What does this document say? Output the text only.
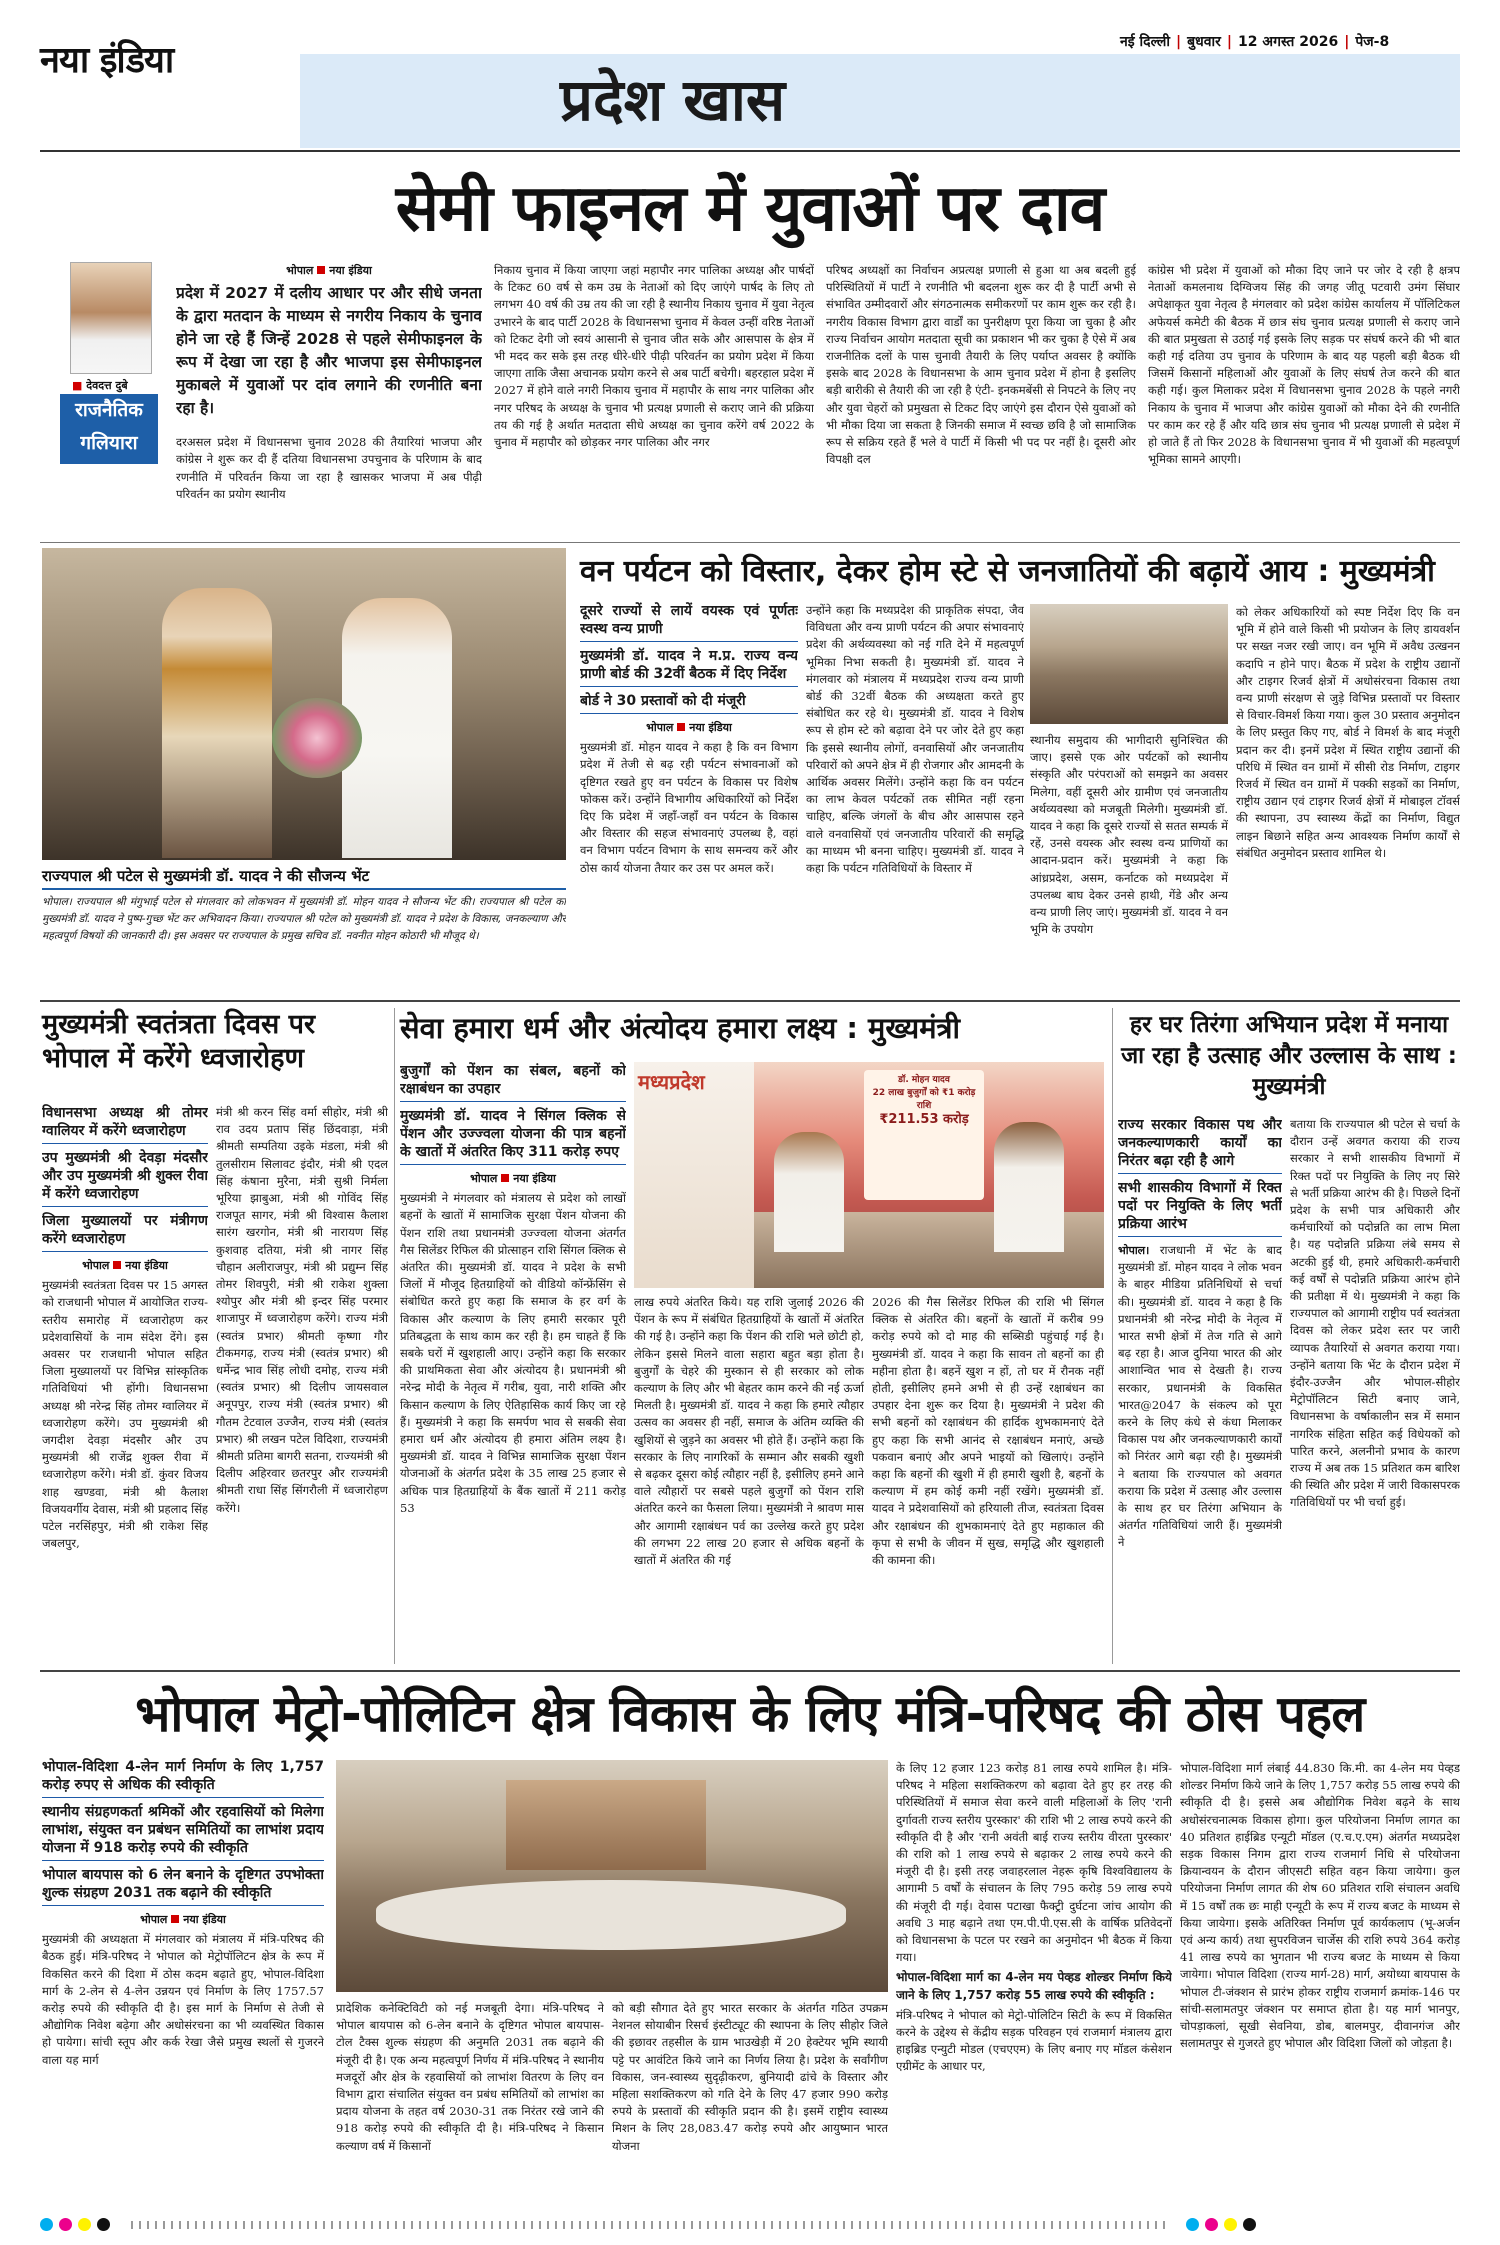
नया इंडिया
प्रदेश खास
नई दिल्ली | बुधवार | 12 अगस्त 2026 | पेज-8
सेमी फाइनल में युवाओं पर दाव
■ देवदत्त दुबे
राजनैतिक गलियारा
भोपाल नया इंडिया
प्रदेश में 2027 में दलीय आधार पर और सीधे जनता के द्वारा मतदान के माध्यम से नगरीय निकाय के चुनाव होने जा रहे हैं जिन्हें 2028 से पहले सेमीफाइनल के रूप में देखा जा रहा है और भाजपा इस सेमीफाइनल मुकाबले में युवाओं पर दांव लगाने की रणनीति बना रहा है।
दरअसल प्रदेश में विधानसभा चुनाव 2028 की तैयारियां भाजपा और कांग्रेस ने शुरू कर दी हैं दतिया विधानसभा उपचुनाव के परिणाम के बाद रणनीति में परिवर्तन किया जा रहा है खासकर भाजपा में अब पीढ़ी परिवर्तन का प्रयोग स्थानीय
निकाय चुनाव में किया जाएगा जहां महापौर नगर पालिका अध्यक्ष और पार्षदों के टिकट 60 वर्ष से कम उम्र के नेताओं को दिए जाएंगे पार्षद के लिए तो लगभग 40 वर्ष की उम्र तय की जा रही है स्थानीय निकाय चुनाव में युवा नेतृत्व उभारने के बाद पार्टी 2028 के विधानसभा चुनाव में केवल उन्हीं वरिष्ठ नेताओं को टिकट देगी जो स्वयं आसानी से चुनाव जीत सके और आसपास के क्षेत्र में भी मदद कर सके इस तरह धीरे-धीरे पीढ़ी परिवर्तन का प्रयोग प्रदेश में किया जाएगा ताकि जैसा अचानक प्रयोग करने से अब पार्टी बचेगी। बहरहाल प्रदेश में 2027 में होने वाले नगरी निकाय चुनाव में महापौर के साथ नगर पालिका और नगर परिषद के अध्यक्ष के चुनाव भी प्रत्यक्ष प्रणाली से कराए जाने की प्रक्रिया तय की गई है अर्थात मतदाता सीधे अध्यक्ष का चुनाव करेंगे वर्ष 2022 के चुनाव में महापौर को छोड़कर नगर पालिका और नगर
परिषद अध्यक्षों का निर्वाचन अप्रत्यक्ष प्रणाली से हुआ था अब बदली हुई परिस्थितियों में पार्टी ने रणनीति भी बदलना शुरू कर दी है पार्टी अभी से संभावित उम्मीदवारों और संगठनात्मक समीकरणों पर काम शुरू कर रही है। नगरीय विकास विभाग द्वारा वार्डों का पुनरीक्षण पूरा किया जा चुका है और राज्य निर्वाचन आयोग मतदाता सूची का प्रकाशन भी कर चुका है ऐसे में अब राजनीतिक दलों के पास चुनावी तैयारी के लिए पर्याप्त अवसर है क्योंकि इसके बाद 2028 के विधानसभा के आम चुनाव प्रदेश में होना है इसलिए बड़ी बारीकी से तैयारी की जा रही है एंटी- इनकमबेंसी से निपटने के लिए नए और युवा चेहरों को प्रमुखता से टिकट दिए जाएंगे इस दौरान ऐसे युवाओं को भी मौका दिया जा सकता है जिनकी समाज में स्वच्छ छवि है जो सामाजिक रूप से सक्रिय रहते हैं भले वे पार्टी में किसी भी पद पर नहीं है। दूसरी ओर विपक्षी दल
कांग्रेस भी प्रदेश में युवाओं को मौका दिए जाने पर जोर दे रही है क्षत्रप नेताओं कमलनाथ दिग्विजय सिंह की जगह जीतू पटवारी उमंग सिंघार अपेक्षाकृत युवा नेतृत्व है मंगलवार को प्रदेश कांग्रेस कार्यालय में पॉलिटिकल अफेयर्स कमेटी की बैठक में छात्र संघ चुनाव प्रत्यक्ष प्रणाली से कराए जाने की बात प्रमुखता से उठाई गई इसके लिए सड़क पर संघर्ष करने की भी बात कही गई दतिया उप चुनाव के परिणाम के बाद यह पहली बड़ी बैठक थी जिसमें किसानों महिलाओं और युवाओं के लिए संघर्ष तेज करने की बात कही गई। कुल मिलाकर प्रदेश में विधानसभा चुनाव 2028 के पहले नगरी निकाय के चुनाव में भाजपा और कांग्रेस युवाओं को मौका देने की रणनीति पर काम कर रहे हैं और यदि छात्र संघ चुनाव भी प्रत्यक्ष प्रणाली से प्रदेश में हो जाते हैं तो फिर 2028 के विधानसभा चुनाव में भी युवाओं की महत्वपूर्ण भूमिका सामने आएगी।
राज्यपाल श्री पटेल से मुख्यमंत्री डॉ. यादव ने की सौजन्य भेंट
भोपाल। राज्यपाल श्री मंगुभाई पटेल से मंगलवार को लोकभवन में मुख्यमंत्री डॉ. मोहन यादव ने सौजन्य भेंट की। राज्यपाल श्री पटेल का मुख्यमंत्री डॉ. यादव ने पुष्प-गुच्छ भेंट कर अभिवादन किया। राज्यपाल श्री पटेल को मुख्यमंत्री डॉ. यादव ने प्रदेश के विकास, जनकल्याण और महत्वपूर्ण विषयों की जानकारी दी। इस अवसर पर राज्यपाल के प्रमुख सचिव डॉ. नवनीत मोहन कोठारी भी मौजूद थे।
वन पर्यटन को विस्तार, देकर होम स्टे से जनजातियों की बढ़ायें आय : मुख्यमंत्री
दूसरे राज्यों से लायें वयस्क एवं पूर्णतः स्वस्थ वन्य प्राणी
मुख्यमंत्री डॉ. यादव ने म.प्र. राज्य वन्य प्राणी बोर्ड की 32वीं बैठक में दिए निर्देश
बोर्ड ने 30 प्रस्तावों को दी मंजूरी
भोपाल नया इंडिया
मुख्यमंत्री डॉ. मोहन यादव ने कहा है कि वन विभाग प्रदेश में तेजी से बढ़ रही पर्यटन संभावनाओं को दृष्टिगत रखते हुए वन पर्यटन के विकास पर विशेष फोकस करें। उन्होंने विभागीय अधिकारियों को निर्देश दिए कि प्रदेश में जहाँ-जहाँ वन पर्यटन के विकास और विस्तार की सहज संभावनाएं उपलब्ध है, वहां वन विभाग पर्यटन विभाग के साथ समन्वय करें और ठोस कार्य योजना तैयार कर उस पर अमल करें।
उन्होंने कहा कि मध्यप्रदेश की प्राकृतिक संपदा, जैव विविधता और वन्य प्राणी पर्यटन की अपार संभावनाएं प्रदेश की अर्थव्यवस्था को नई गति देने में महत्वपूर्ण भूमिका निभा सकती है। मुख्यमंत्री डॉ. यादव ने मंगलवार को मंत्रालय में मध्यप्रदेश राज्य वन्य प्राणी बोर्ड की 32वीं बैठक की अध्यक्षता करते हुए संबोधित कर रहे थे। मुख्यमंत्री डॉ. यादव ने विशेष रूप से होम स्टे को बढ़ावा देने पर जोर देते हुए कहा कि इससे स्थानीय लोगों, वनवासियों और जनजातीय परिवारों को अपने क्षेत्र में ही रोजगार और आमदनी के आर्थिक अवसर मिलेंगे। उन्होंने कहा कि वन पर्यटन का लाभ केवल पर्यटकों तक सीमित नहीं रहना चाहिए, बल्कि जंगलों के बीच और आसपास रहने वाले वनवासियों एवं जनजातीय परिवारों की समृद्धि का माध्यम भी बनना चाहिए। मुख्यमंत्री डॉ. यादव ने कहा कि पर्यटन गतिविधियों के विस्तार में
स्थानीय समुदाय की भागीदारी सुनिश्चित की जाए। इससे एक ओर पर्यटकों को स्थानीय संस्कृति और परंपराओं को समझने का अवसर मिलेगा, वहीं दूसरी ओर ग्रामीण एवं जनजातीय अर्थव्यवस्था को मजबूती मिलेगी। मुख्यमंत्री डॉ. यादव ने कहा कि दूसरे राज्यों से सतत सम्पर्क में रहें, उनसे वयस्क और स्वस्थ वन्य प्राणियों का आदान-प्रदान करें। मुख्यमंत्री ने कहा कि आंध्रप्रदेश, असम, कर्नाटक को मध्यप्रदेश में उपलब्ध बाघ देकर उनसे हाथी, गेंडे और अन्य वन्य प्राणी लिए जाएं। मुख्यमंत्री डॉ. यादव ने वन भूमि के उपयोग
को लेकर अधिकारियों को स्पष्ट निर्देश दिए कि वन भूमि में होने वाले किसी भी प्रयोजन के लिए डायवर्शन पर सख्त नजर रखी जाए। वन भूमि में अवैध उत्खनन कदापि न होने पाए। बैठक में प्रदेश के राष्ट्रीय उद्यानों और टाइगर रिजर्व क्षेत्रों में अधोसंरचना विकास तथा वन्य प्राणी संरक्षण से जुड़े विभिन्न प्रस्तावों पर विस्तार से विचार-विमर्श किया गया। कुल 30 प्रस्ताव अनुमोदन के लिए प्रस्तुत किए गए, बोर्ड ने विमर्श के बाद मंजूरी प्रदान कर दी। इनमें प्रदेश में स्थित राष्ट्रीय उद्यानों की परिधि में स्थित वन ग्रामों में सीसी रोड निर्माण, टाइगर रिजर्व में स्थित वन ग्रामों में पक्की सड़कों का निर्माण, राष्ट्रीय उद्यान एवं टाइगर रिजर्व क्षेत्रों में मोबाइल टॉवर्स की स्थापना, उप स्वास्थ्य केंद्रों का निर्माण, विद्युत लाइन बिछाने सहित अन्य आवश्यक निर्माण कार्यों से संबंधित अनुमोदन प्रस्ताव शामिल थे।
मुख्यमंत्री स्वतंत्रता दिवस पर भोपाल में करेंगे ध्वजारोहण
विधानसभा अध्यक्ष श्री तोमर ग्वालियर में करेंगे ध्वजारोहण
उप मुख्यमंत्री श्री देवड़ा मंदसौर और उप मुख्यमंत्री श्री शुक्ल रीवा में करेंगे ध्वजारोहण
जिला मुख्यालयों पर मंत्रीगण करेंगे ध्वजारोहण
भोपाल नया इंडिया
मुख्यमंत्री स्वतंत्रता दिवस पर 15 अगस्त को राजधानी भोपाल में आयोजित राज्य-स्तरीय समारोह में ध्वजारोहण कर प्रदेशवासियों के नाम संदेश देंगे। इस अवसर पर राजधानी भोपाल सहित जिला मुख्यालयों पर विभिन्न सांस्कृतिक गतिविधियां भी होंगी। विधानसभा अध्यक्ष श्री नरेन्द्र सिंह तोमर ग्वालियर में ध्वजारोहण करेंगे। उप मुख्यमंत्री श्री जगदीश देवड़ा मंदसौर और उप मुख्यमंत्री श्री राजेंद्र शुक्ल रीवा में ध्वजारोहण करेंगे। मंत्री डॉ. कुंवर विजय शाह खण्डवा, मंत्री श्री कैलाश विजयवर्गीय देवास, मंत्री श्री प्रहलाद सिंह पटेल नरसिंहपुर, मंत्री श्री राकेश सिंह जबलपुर,
मंत्री श्री करन सिंह वर्मा सीहोर, मंत्री श्री राव उदय प्रताप सिंह छिंदवाड़ा, मंत्री श्रीमती सम्पतिया उइके मंडला, मंत्री श्री तुलसीराम सिलावट इंदौर, मंत्री श्री एदल सिंह कंषाना मुरैना, मंत्री सुश्री निर्मला भूरिया झाबुआ, मंत्री श्री गोविंद सिंह राजपूत सागर, मंत्री श्री विश्वास कैलाश सारंग खरगोन, मंत्री श्री नारायण सिंह कुशवाह दतिया, मंत्री श्री नागर सिंह चौहान अलीराजपुर, मंत्री श्री प्रद्युम्न सिंह तोमर शिवपुरी, मंत्री श्री राकेश शुक्ला श्योपुर और मंत्री श्री इन्दर सिंह परमार शाजापुर में ध्वजारोहण करेंगे। राज्य मंत्री (स्वतंत्र प्रभार) श्रीमती कृष्णा गौर टीकमगढ़, राज्य मंत्री (स्वतंत्र प्रभार) श्री धर्मेन्द्र भाव सिंह लोधी दमोह, राज्य मंत्री (स्वतंत्र प्रभार) श्री दिलीप जायसवाल अनूपपुर, राज्य मंत्री (स्वतंत्र प्रभार) श्री गौतम टेटवाल उज्जैन, राज्य मंत्री (स्वतंत्र प्रभार) श्री लखन पटेल विदिशा, राज्यमंत्री श्रीमती प्रतिमा बागरी सतना, राज्यमंत्री श्री दिलीप अहिरवार छतरपुर और राज्यमंत्री श्रीमती राधा सिंह सिंगरौली में ध्वजारोहण करेंगे।
सेवा हमारा धर्म और अंत्योदय हमारा लक्ष्य : मुख्यमंत्री
बुजुर्गों को पेंशन का संबल, बहनों को रक्षाबंधन का उपहार
मुख्यमंत्री डॉ. यादव ने सिंगल क्लिक से पेंशन और उज्ज्वला योजना की पात्र बहनों के खातों में अंतरित किए 311 करोड़ रुपए
भोपाल नया इंडिया
मुख्यमंत्री ने मंगलवार को मंत्रालय से प्रदेश को लाखों बहनों के खातों में सामाजिक सुरक्षा पेंशन योजना की पेंशन राशि तथा प्रधानमंत्री उज्ज्वला योजना अंतर्गत गैस सिलेंडर रिफिल की प्रोत्साहन राशि सिंगल क्लिक से अंतरित की। मुख्यमंत्री डॉ. यादव ने प्रदेश के सभी जिलों में मौजूद हितग्राहियों को वीडियो कॉन्फ्रेंसिंग से संबोधित करते हुए कहा कि समाज के हर वर्ग के विकास और कल्याण के लिए हमारी सरकार पूरी प्रतिबद्धता के साथ काम कर रही है। हम चाहते हैं कि सबके घरों में खुशहाली आए। उन्होंने कहा कि सरकार की प्राथमिकता सेवा और अंत्योदय है। प्रधानमंत्री श्री नरेन्द्र मोदी के नेतृत्व में गरीब, युवा, नारी शक्ति और किसान कल्याण के लिए ऐतिहासिक कार्य किए जा रहे हैं। मुख्यमंत्री ने कहा कि समर्पण भाव से सबकी सेवा हमारा धर्म और अंत्योदय ही हमारा अंतिम लक्ष्य है। मुख्यमंत्री डॉ. यादव ने विभिन्न सामाजिक सुरक्षा पेंशन योजनाओं के अंतर्गत प्रदेश के 35 लाख 25 हजार से अधिक पात्र हितग्राहियों के बैंक खातों में 211 करोड़ 53
मध्यप्रदेश	डॉ. मोहन यादव
22 लाख बुजुर्गों को ₹1 करोड़ राशि
₹211.53 करोड़
लाख रुपये अंतरित किये। यह राशि जुलाई 2026 की पेंशन के रूप में संबंधित हितग्राहियों के खातों में अंतरित की गई है। उन्होंने कहा कि पेंशन की राशि भले छोटी हो, लेकिन इससे मिलने वाला सहारा बहुत बड़ा होता है। बुजुर्गों के चेहरे की मुस्कान से ही सरकार को लोक कल्याण के लिए और भी बेहतर काम करने की नई ऊर्जा मिलती है। मुख्यमंत्री डॉ. यादव ने कहा कि हमारे त्यौहार उत्सव का अवसर ही नहीं, समाज के अंतिम व्यक्ति की खुशियों से जुड़ने का अवसर भी होते हैं। उन्होंने कहा कि सरकार के लिए नागरिकों के सम्मान और सबकी खुशी से बढ़कर दूसरा कोई त्यौहार नहीं है, इसीलिए हमने आने वाले त्यौहारों पर सबसे पहले बुजुर्गों को पेंशन राशि अंतरित करने का फैसला लिया। मुख्यमंत्री ने श्रावण मास और आगामी रक्षाबंधन पर्व का उल्लेख करते हुए प्रदेश की लगभग 22 लाख 20 हजार से अधिक बहनों के खातों में अंतरित की गई
2026 की गैस सिलेंडर रिफिल की राशि भी सिंगल क्लिक से अंतरित की। बहनों के खातों में करीब 99 करोड़ रुपये को दो माह की सब्सिडी पहुंचाई गई है। मुख्यमंत्री डॉ. यादव ने कहा कि सावन तो बहनों का ही महीना होता है। बहनें खुश न हों, तो घर में रौनक नहीं होती, इसीलिए हमने अभी से ही उन्हें रक्षाबंधन का उपहार देना शुरू कर दिया है। मुख्यमंत्री ने प्रदेश की सभी बहनों को रक्षाबंधन की हार्दिक शुभकामनाएं देते हुए कहा कि सभी आनंद से रक्षाबंधन मनाएं, अच्छे पकवान बनाएं और अपने भाइयों को खिलाएं। उन्होंने कहा कि बहनों की खुशी में ही हमारी खुशी है, बहनों के कल्याण में हम कोई कमी नहीं रखेंगे। मुख्यमंत्री डॉ. यादव ने प्रदेशवासियों को हरियाली तीज, स्वतंत्रता दिवस और रक्षाबंधन की शुभकामनाएं देते हुए महाकाल की कृपा से सभी के जीवन में सुख, समृद्धि और खुशहाली की कामना की।
हर घर तिरंगा अभियान प्रदेश में मनाया जा रहा है उत्साह और उल्लास के साथ : मुख्यमंत्री
राज्य सरकार विकास पथ और जनकल्याणकारी कार्यों का निरंतर बढ़ा रही है आगे
सभी शासकीय विभागों में रिक्त पदों पर नियुक्ति के लिए भर्ती प्रक्रिया आरंभ
भोपाल। राजधानी में भेंट के बाद मुख्यमंत्री डॉ. मोहन यादव ने लोक भवन के बाहर मीडिया प्रतिनिधियों से चर्चा की। मुख्यमंत्री डॉ. यादव ने कहा है कि प्रधानमंत्री श्री नरेन्द्र मोदी के नेतृत्व में भारत सभी क्षेत्रों में तेज गति से आगे बढ़ रहा है। आज दुनिया भारत की ओर आशान्वित भाव से देखती है। राज्य सरकार, प्रधानमंत्री के विकसित भारत@2047 के संकल्प को पूरा करने के लिए कंधे से कंधा मिलाकर विकास पथ और जनकल्याणकारी कार्यों को निरंतर आगे बढ़ा रही है। मुख्यमंत्री ने बताया कि राज्यपाल को अवगत कराया कि प्रदेश में उत्साह और उल्लास के साथ हर घर तिरंगा अभियान के अंतर्गत गतिविधियां जारी हैं। मुख्यमंत्री ने
बताया कि राज्यपाल श्री पटेल से चर्चा के दौरान उन्हें अवगत कराया की राज्य सरकार ने सभी शासकीय विभागों में रिक्त पदों पर नियुक्ति के लिए नए सिरे से भर्ती प्रक्रिया आरंभ की है। पिछले दिनों प्रदेश के सभी पात्र अधिकारी और कर्मचारियों को पदोन्नति का लाभ मिला है। यह पदोन्नति प्रक्रिया लंबे समय से अटकी हुई थी, हमारे अधिकारी-कर्मचारी कई वर्षों से पदोन्नति प्रक्रिया आरंभ होने की प्रतीक्षा में थे। मुख्यमंत्री ने कहा कि राज्यपाल को आगामी राष्ट्रीय पर्व स्वतंत्रता दिवस को लेकर प्रदेश स्तर पर जारी व्यापक तैयारियों से अवगत कराया गया। उन्होंने बताया कि भेंट के दौरान प्रदेश में इंदौर-उज्जैन और भोपाल-सीहोर मेट्रोपॉलिटन सिटी बनाए जाने, विधानसभा के वर्षाकालीन सत्र में समान नागरिक संहिता सहित कई विधेयकों को पारित करने, अलनीनो प्रभाव के कारण राज्य में अब तक 15 प्रतिशत कम बारिश की स्थिति और प्रदेश में जारी विकासपरक गतिविधियों पर भी चर्चा हुई।
भोपाल मेट्रो-पोलिटिन क्षेत्र विकास के लिए मंत्रि-परिषद की ठोस पहल
भोपाल-विदिशा 4-लेन मार्ग निर्माण के लिए 1,757 करोड़ रुपए से अधिक की स्वीकृति
स्थानीय संग्रहणकर्ता श्रमिकों और रहवासियों को मिलेगा लाभांश, संयुक्त वन प्रबंधन समितियों का लाभांश प्रदाय योजना में 918 करोड़ रुपये की स्वीकृति
भोपाल बायपास को 6 लेन बनाने के दृष्टिगत उपभोक्ता शुल्क संग्रहण 2031 तक बढ़ाने की स्वीकृति
भोपाल नया इंडिया
मुख्यमंत्री की अध्यक्षता में मंगलवार को मंत्रालय में मंत्रि-परिषद की बैठक हुई। मंत्रि-परिषद ने भोपाल को मेट्रोपॉलिटन क्षेत्र के रूप में विकसित करने की दिशा में ठोस कदम बढ़ाते हुए, भोपाल-विदिशा मार्ग के 2-लेन से 4-लेन उन्नयन एवं निर्माण के लिए 1757.57 करोड़ रुपये की स्वीकृति दी है। इस मार्ग के निर्माण से तेजी से औद्योगिक निवेश बढ़ेगा और अधोसंरचना का भी व्यवस्थित विकास हो पायेगा। सांची स्तूप और कर्क रेखा जैसे प्रमुख स्थलों से गुजरने वाला यह मार्ग
प्रादेशिक कनेक्टिविटी को नई मजबूती देगा। मंत्रि-परिषद ने भोपाल बायपास को 6-लेन बनाने के दृष्टिगत भोपाल बायपास- टोल टैक्स शुल्क संग्रहण की अनुमति 2031 तक बढ़ाने की मंजूरी दी है। एक अन्य महत्वपूर्ण निर्णय में मंत्रि-परिषद ने स्थानीय मजदूरों और क्षेत्र के रहवासियों को लाभांश वितरण के लिए वन विभाग द्वारा संचालित संयुक्त वन प्रबंध समितियों को लाभांश का प्रदाय योजना के तहत वर्ष 2030-31 तक निरंतर रखे जाने की 918 करोड़ रुपये की स्वीकृति दी है। मंत्रि-परिषद ने किसान कल्याण वर्ष में किसानों
को बड़ी सौगात देते हुए भारत सरकार के अंतर्गत गठित उपक्रम नेशनल सोयाबीन रिसर्च इंस्टीट्यूट की स्थापना के लिए सीहोर जिले की इछावर तहसील के ग्राम भाउखेड़ी में 20 हेक्टेयर भूमि स्थायी पट्टे पर आवंटित किये जाने का निर्णय लिया है। प्रदेश के सर्वांगीण विकास, जन-स्वास्थ्य सुदृढ़ीकरण, बुनियादी ढांचे के विस्तार और महिला सशक्तिकरण को गति देने के लिए 47 हजार 990 करोड़ रुपये के प्रस्तावों की स्वीकृति प्रदान की है। इसमें राष्ट्रीय स्वास्थ्य मिशन के लिए 28,083.47 करोड़ रुपये और आयुष्मान भारत योजना
के लिए 12 हजार 123 करोड़ 81 लाख रुपये शामिल है। मंत्रि-परिषद ने महिला सशक्तिकरण को बढ़ावा देते हुए हर तरह की परिस्थितियों में समाज सेवा करने वाली महिलाओं के लिए 'रानी दुर्गावती राज्य स्तरीय पुरस्कार' की राशि भी 2 लाख रुपये करने की स्वीकृति दी है और 'रानी अवंती बाई राज्य स्तरीय वीरता पुरस्कार' की राशि को 1 लाख रुपये से बढ़ाकर 2 लाख रुपये करने की मंजूरी दी है। इसी तरह जवाहरलाल नेहरू कृषि विश्वविद्यालय के आगामी 5 वर्षों के संचालन के लिए 795 करोड़ 59 लाख रुपये की मंजूरी दी गई। देवास पटाखा फैक्ट्री दुर्घटना जांच आयोग की अवधि 3 माह बढ़ाने तथा एम.पी.पी.एस.सी के वार्षिक प्रतिवेदनों को विधानसभा के पटल पर रखने का अनुमोदन भी बैठक में किया गया।
भोपाल-विदिशा मार्ग का 4-लेन मय पेव्हड शोल्डर निर्माण किये जाने के लिए 1,757 करोड़ 55 लाख रुपये की स्वीकृति :
मंत्रि-परिषद ने भोपाल को मेट्रो-पोलिटिन सिटी के रूप में विकसित करने के उद्देश्य से केंद्रीय सड़क परिवहन एवं राजमार्ग मंत्रालय द्वारा हाइब्रिड एन्युटी मोडल (एचएएम) के लिए बनाए गए मॉडल कंसेशन एग्रीमेंट के आधार पर,
भोपाल-विदिशा मार्ग लंबाई 44.830 कि.मी. का 4-लेन मय पेव्हड शोल्डर निर्माण किये जाने के लिए 1,757 करोड़ 55 लाख रुपये की स्वीकृति दी है। इससे अब औद्योगिक निवेश बढ़ने के साथ अधोसंरचनात्मक विकास होगा। कुल परियोजना निर्माण लागत का 40 प्रतिशत हाईब्रिड एन्यूटी मॉडल (ए.च.ए.एम) अंतर्गत मध्यप्रदेश सड़क विकास निगम द्वारा राज्य राजमार्ग निधि से परियोजना क्रियान्वयन के दौरान जीएसटी सहित वहन किया जायेगा। कुल परियोजना निर्माण लागत की शेष 60 प्रतिशत राशि संचालन अवधि में 15 वर्षों तक छः माही एन्यूटी के रूप में राज्य बजट के माध्यम से किया जायेगा। इसके अतिरिक्त निर्माण पूर्व कार्यकलाप (भू-अर्जन एवं अन्य कार्य) तथा सुपरविजन चार्जेस की राशि रुपये 364 करोड़ 41 लाख रुपये का भुगतान भी राज्य बजट के माध्यम से किया जायेगा। भोपाल विदिशा (राज्य मार्ग-28) मार्ग, अयोध्या बायपास के भोपाल टी-जंक्शन से प्रारंभ होकर राष्ट्रीय राजमार्ग क्रमांक-146 पर सांची-सलामतपुर जंक्शन पर समाप्त होता है। यह मार्ग भानपुर, चोपड़ाकलां, सूखी सेवनिया, डोब, बालमपुर, दीवानगंज और सलामतपुर से गुजरते हुए भोपाल और विदिशा जिलों को जोड़ता है।
